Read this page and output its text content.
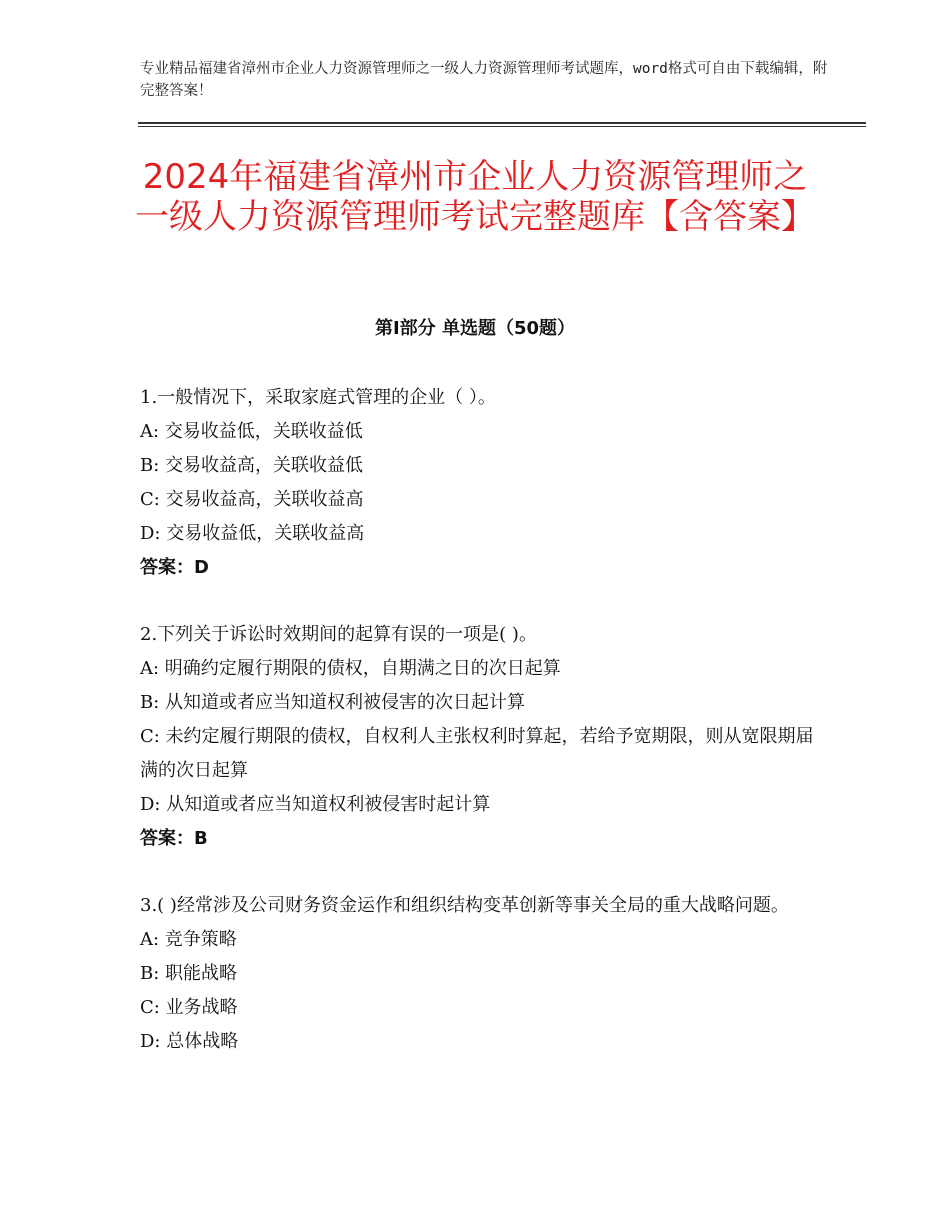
专业精品福建省漳州市企业人力资源管理师之一级人力资源管理师考试题库，word格式可自由下载编辑，附完整答案！
2024年福建省漳州市企业人力资源管理师之一级人力资源管理师考试完整题库【含答案】
第Ⅰ部分 单选题（50题）
1.一般情况下，采取家庭式管理的企业（ ）。
A: 交易收益低，关联收益低
B: 交易收益高，关联收益低
C: 交易收益高，关联收益高
D: 交易收益低，关联收益高
答案：D
2.下列关于诉讼时效期间的起算有误的一项是( )。
A: 明确约定履行期限的债权，自期满之日的次日起算
B: 从知道或者应当知道权利被侵害的次日起计算
C: 未约定履行期限的债权，自权利人主张权利时算起，若给予宽期限，则从宽限期届满的次日起算
D: 从知道或者应当知道权利被侵害时起计算
答案：B
3.( )经常涉及公司财务资金运作和组织结构变革创新等事关全局的重大战略问题。
A: 竞争策略
B: 职能战略
C: 业务战略
D: 总体战略
